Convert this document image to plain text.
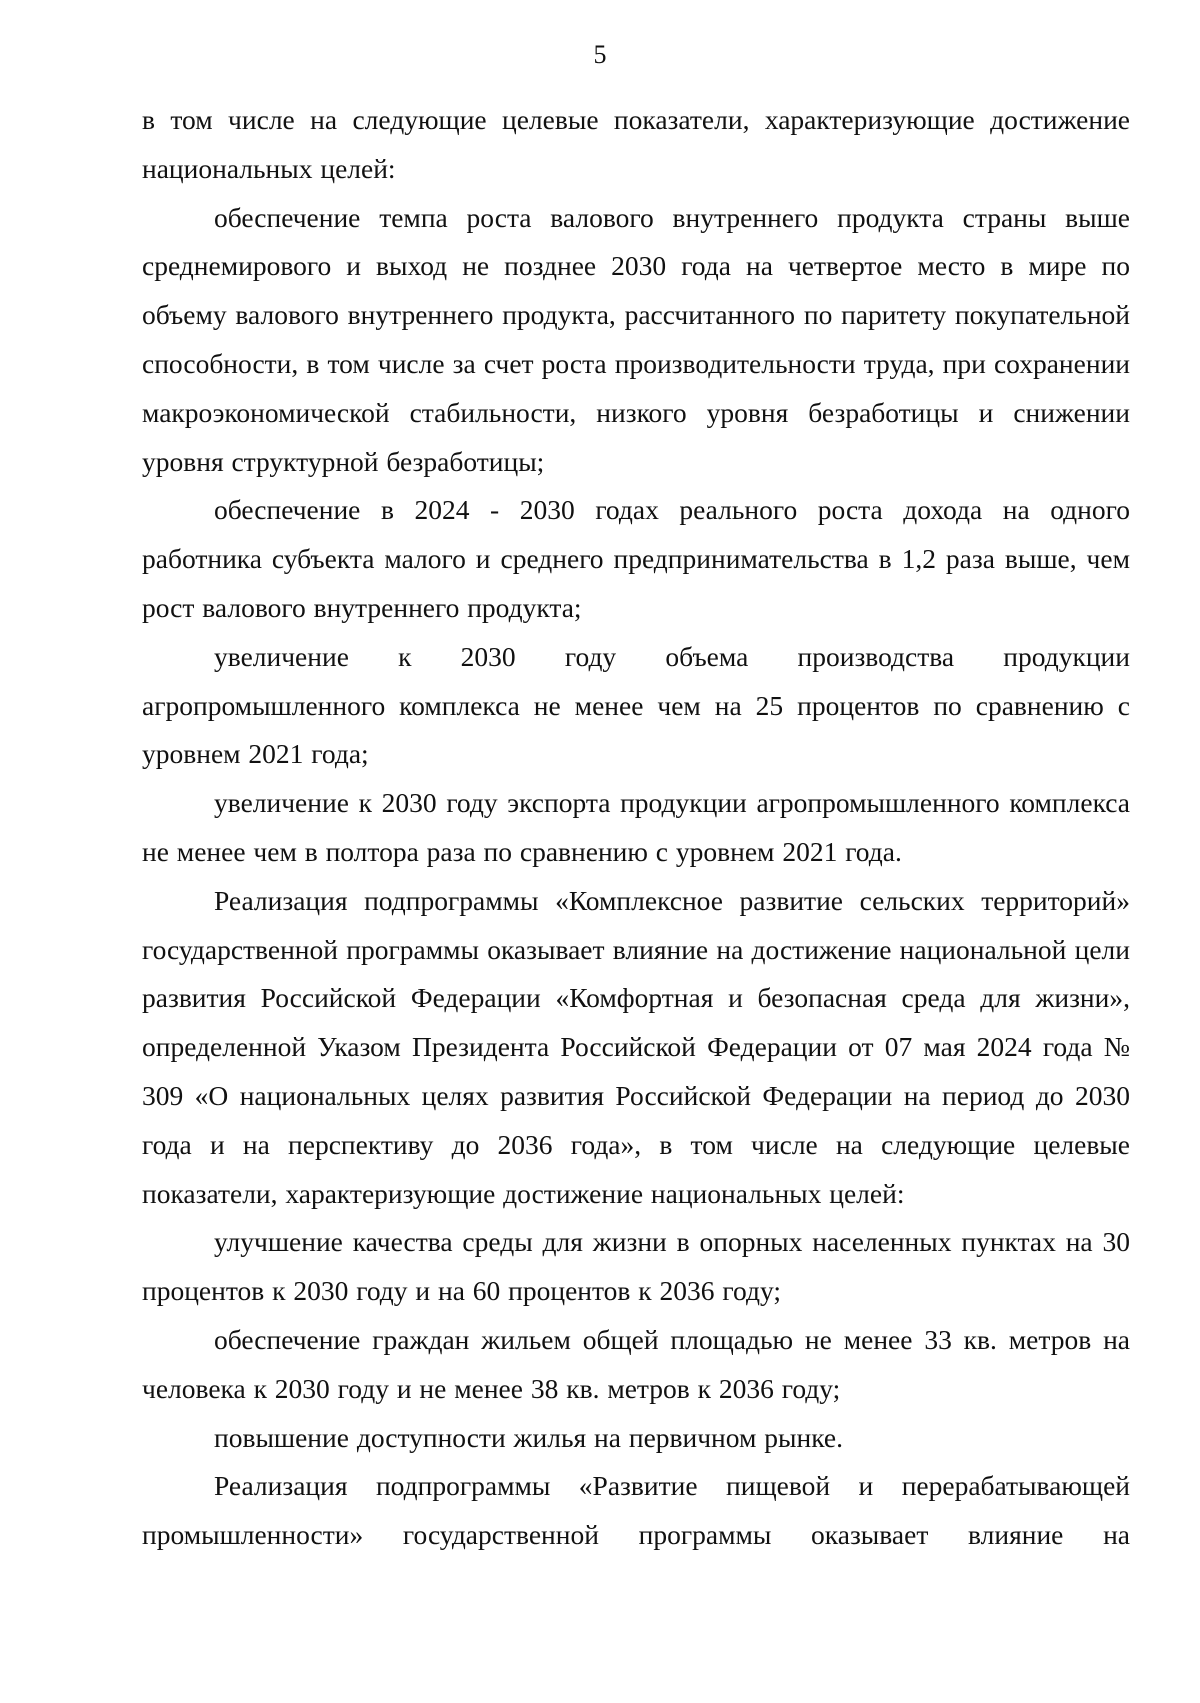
5

в том числе на следующие целевые показатели, характеризующие достижение национальных целей:

обеспечение темпа роста валового внутреннего продукта страны выше среднемирового и выход не позднее 2030 года на четвертое место в мире по объему валового внутреннего продукта, рассчитанного по паритету покупательной способности, в том числе за счет роста производительности труда, при сохранении макроэкономической стабильности, низкого уровня безработицы и снижении уровня структурной безработицы;

обеспечение в 2024 - 2030 годах реального роста дохода на одного работника субъекта малого и среднего предпринимательства в 1,2 раза выше, чем рост валового внутреннего продукта;

увеличение к 2030 году объема производства продукции агропромышленного комплекса не менее чем на 25 процентов по сравнению с уровнем 2021 года;

увеличение к 2030 году экспорта продукции агропромышленного комплекса не менее чем в полтора раза по сравнению с уровнем 2021 года.

Реализация подпрограммы «Комплексное развитие сельских территорий» государственной программы оказывает влияние на достижение национальной цели развития Российской Федерации «Комфортная и безопасная среда для жизни», определенной Указом Президента Российской Федерации от 07 мая 2024 года № 309 «О национальных целях развития Российской Федерации на период до 2030 года и на перспективу до 2036 года», в том числе на следующие целевые показатели, характеризующие достижение национальных целей:

улучшение качества среды для жизни в опорных населенных пунктах на 30 процентов к 2030 году и на 60 процентов к 2036 году;

обеспечение граждан жильем общей площадью не менее 33 кв. метров на человека к 2030 году и не менее 38 кв. метров к 2036 году;

повышение доступности жилья на первичном рынке.

Реализация подпрограммы «Развитие пищевой и перерабатывающей промышленности» государственной программы оказывает влияние на
